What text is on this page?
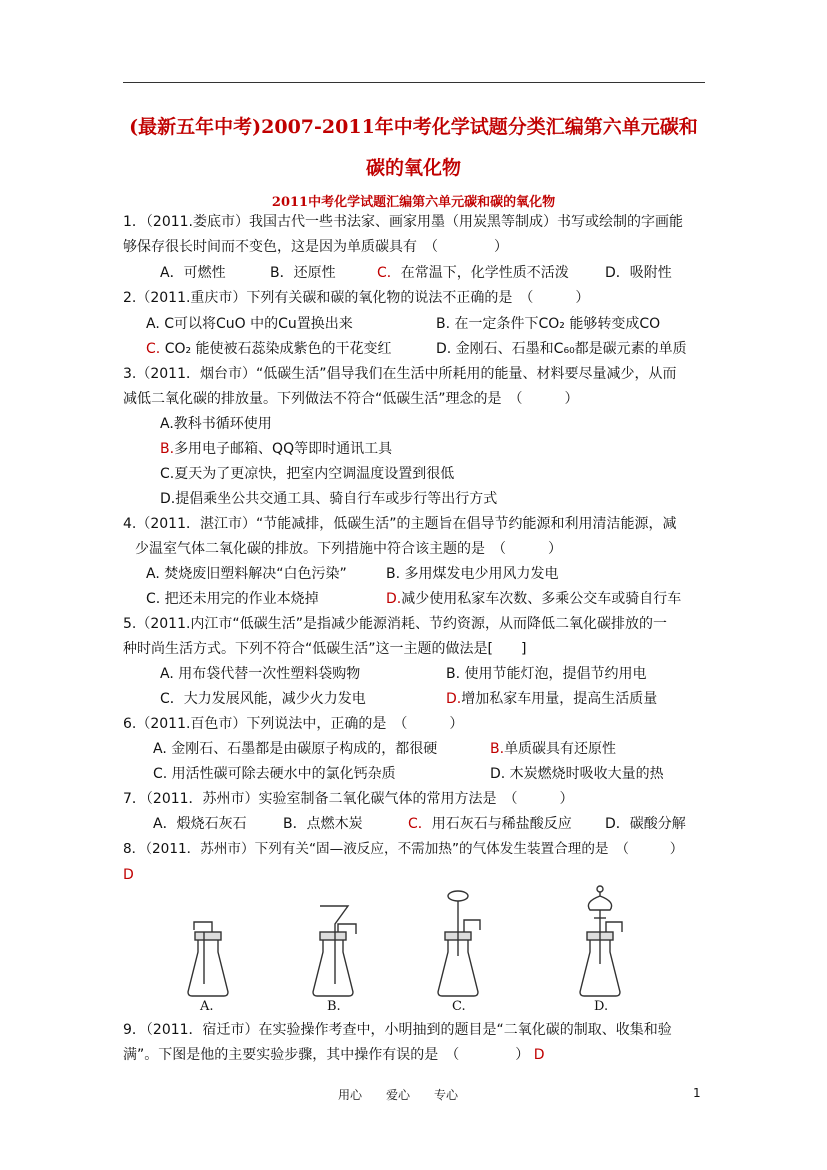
(最新五年中考)2007-2011年中考化学试题分类汇编第六单元碳和
碳的氧化物
2011中考化学试题汇编第六单元碳和碳的氧化物
1．（2011.娄底市）我国古代一些书法家、画家用墨（用炭黑等制成）书写或绘制的字画能
够保存很长时间而不变色，这是因为单质碳具有　（　　　　）
A．可燃性	B．还原性	C．在常温下，化学性质不活泼	D．吸附性
2.（2011.重庆市）下列有关碳和碳的氧化物的说法不正确的是　（　　　）
A. C可以将CuO 中的Cu置换出来	B. 在一定条件下CO₂ 能够转变成CO
C. CO₂ 能使被石蕊染成紫色的干花变红	D. 金刚石、石墨和C₆₀都是碳元素的单质
3.（2011．烟台市）“低碳生活”倡导我们在生活中所耗用的能量、材料要尽量减少，从而
减低二氧化碳的排放量。下列做法不符合“低碳生活”理念的是　（　　　）
A.教科书循环使用
B.多用电子邮箱、QQ等即时通讯工具
C.夏天为了更凉快，把室内空调温度设置到很低
D.提倡乘坐公共交通工具、骑自行车或步行等出行方式
4.（2011．湛江市）“节能减排，低碳生活”的主题旨在倡导节约能源和利用清洁能源，减
少温室气体二氧化碳的排放。下列措施中符合该主题的是　（　　　）
A. 焚烧废旧塑料解决“白色污染”	B. 多用煤发电少用风力发电
C. 把还未用完的作业本烧掉	D.减少使用私家车次数、多乘公交车或骑自行车
5.（2011.内江市“低碳生活”是指减少能源消耗、节约资源，从而降低二氧化碳排放的一
种时尚生活方式。下列不符合“低碳生活”这一主题的做法是[　　]
A. 用布袋代替一次性塑料袋购物	B. 使用节能灯泡，提倡节约用电
C．大力发展风能，减少火力发电	D.增加私家车用量，提高生活质量
6.（2011.百色市）下列说法中，正确的是　（　　　）
A. 金刚石、石墨都是由碳原子构成的，都很硬	B.单质碳具有还原性
C. 用活性碳可除去硬水中的氯化钙杂质	D. 木炭燃烧时吸收大量的热
7．（2011．苏州市）实验室制备二氧化碳气体的常用方法是　（　　　）
A．煅烧石灰石	B．点燃木炭	C．用石灰石与稀盐酸反应 D．碳酸分解
8．（2011．苏州市）下列有关“固—液反应，不需加热”的气体发生装置合理的是　（　　　）
D
A.	B.	C.	D.
9．（2011．宿迁市）在实验操作考查中，小明抽到的题目是“二氧化碳的制取、收集和验
满”。下图是他的主要实验步骤，其中操作有误的是　（　　　　） D
用心　　爱心　　专心	1
